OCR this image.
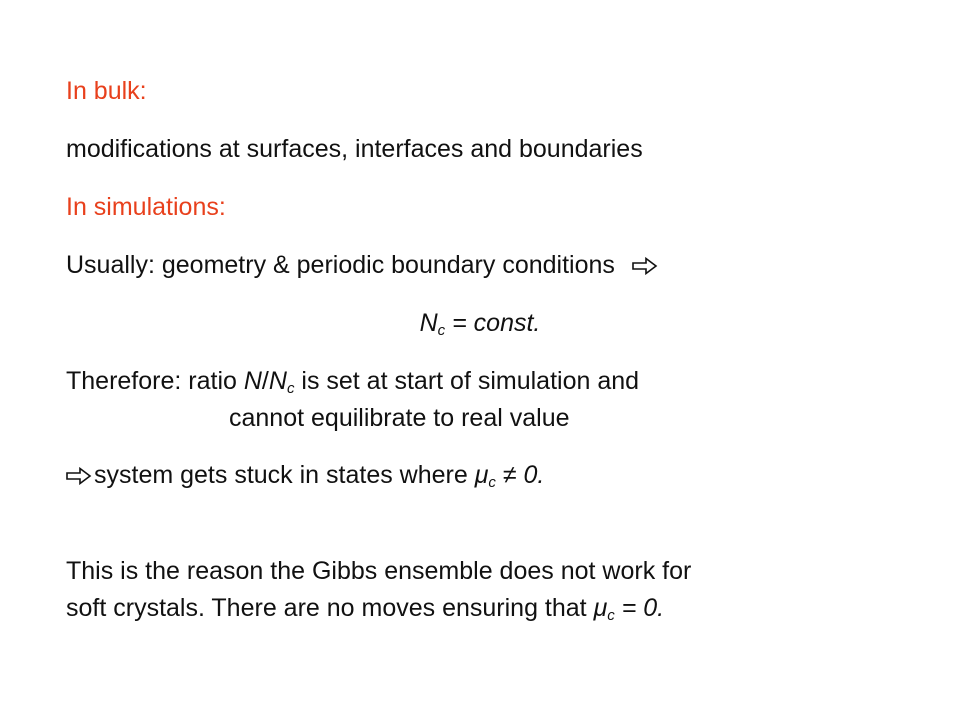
In bulk:
modifications at surfaces, interfaces and boundaries
In simulations:
Usually: geometry & periodic boundary conditions
$N_c$ = const.
Therefore: ratio $N/N_c$ is set at start of simulation and
cannot equilibrate to real value
system gets stuck in states where $\mu_c \ne 0$.
This is the reason the Gibbs ensemble does not work for
soft crystals. There are no moves ensuring that $\mu_c = 0$.
